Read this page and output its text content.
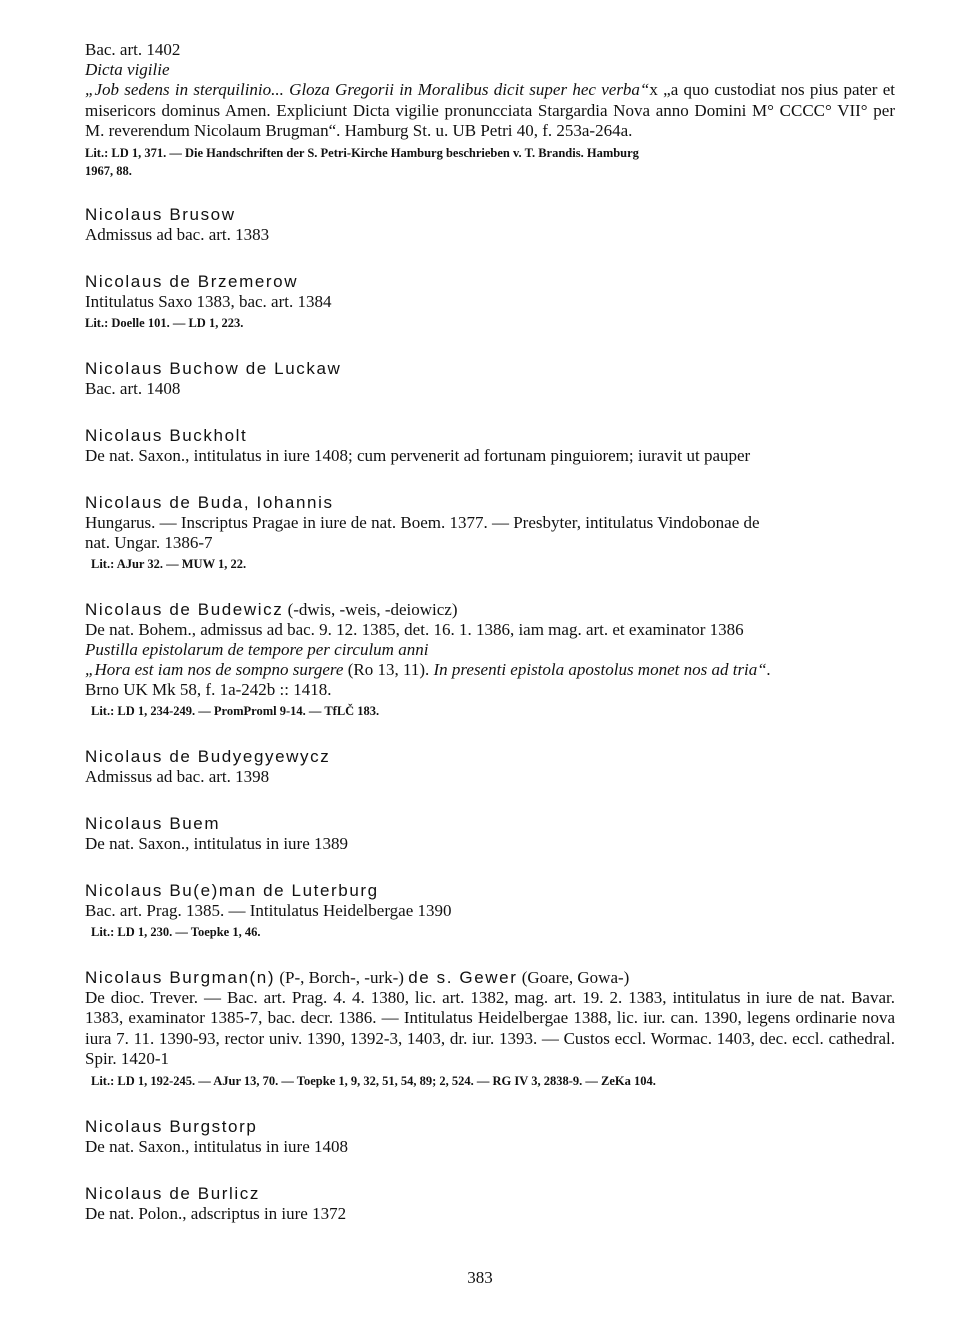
Bac. art. 1402
Dicta vigilie
„Job sedens in sterquilinio... Gloza Gregorii in Moralibus dicit super hec verba“x „a quo custodiat nos pius pater et misericors dominus Amen. Expliciunt Dicta vigilie pronuncciata Stargardia Nova anno Domini M° CCCC° VII° per M. reverendum Nicolaum Brugman“. Hamburg St. u. UB Petri 40, f. 253a-264a.
Lit.: LD 1, 371. — Die Handschriften der S. Petri-Kirche Hamburg beschrieben v. T. Brandis. Hamburg
1967, 88.
Nicolaus Brusow
Admissus ad bac. art. 1383
Nicolaus de Brzemerow
Intitulatus Saxo 1383, bac. art. 1384
Lit.: Doelle 101. — LD 1, 223.
Nicolaus Buchow de Luckaw
Bac. art. 1408
Nicolaus Buckholt
De nat. Saxon., intitulatus in iure 1408; cum pervenerit ad fortunam pinguiorem; iuravit ut pauper
Nicolaus de Buda, Iohannis
Hungarus. — Inscriptus Pragae in iure de nat. Boem. 1377. — Presbyter, intitulatus Vindobonae de
nat. Ungar. 1386-7
Lit.: AJur 32. — MUW 1, 22.
Nicolaus de Budewicz (-dwis, -weis, -deiowicz)
De nat. Bohem., admissus ad bac. 9. 12. 1385, det. 16. 1. 1386, iam mag. art. et examinator 1386
Pustilla epistolarum de tempore per circulum anni
„Hora est iam nos de sompno surgere (Ro 13, 11). In presenti epistola apostolus monet nos ad tria“.
Brno UK Mk 58, f. 1a-242b :: 1418.
Lit.: LD 1, 234-249. — PromProml 9-14. — TfLČ 183.
Nicolaus de Budyegyewycz
Admissus ad bac. art. 1398
Nicolaus Buem
De nat. Saxon., intitulatus in iure 1389
Nicolaus Bu(e)man de Luterburg
Bac. art. Prag. 1385. — Intitulatus Heidelbergae 1390
Lit.: LD 1, 230. — Toepke 1, 46.
Nicolaus Burgman(n) (P-, Borch-, -urk-) de s. Gewer (Goare, Gowa-)
De dioc. Trever. — Bac. art. Prag. 4. 4. 1380, lic. art. 1382, mag. art. 19. 2. 1383, intitulatus in iure de nat. Bavar. 1383, examinator 1385-7, bac. decr. 1386. — Intitulatus Heidelbergae 1388, lic. iur. can. 1390, legens ordinarie nova iura 7. 11. 1390-93, rector univ. 1390, 1392-3, 1403, dr. iur. 1393. — Custos eccl. Wormac. 1403, dec. eccl. cathedral. Spir. 1420-1
Lit.: LD 1, 192-245. — AJur 13, 70. — Toepke 1, 9, 32, 51, 54, 89; 2, 524. — RG IV 3, 2838-9. — ZeKa 104.
Nicolaus Burgstorp
De nat. Saxon., intitulatus in iure 1408
Nicolaus de Burlicz
De nat. Polon., adscriptus in iure 1372
383
